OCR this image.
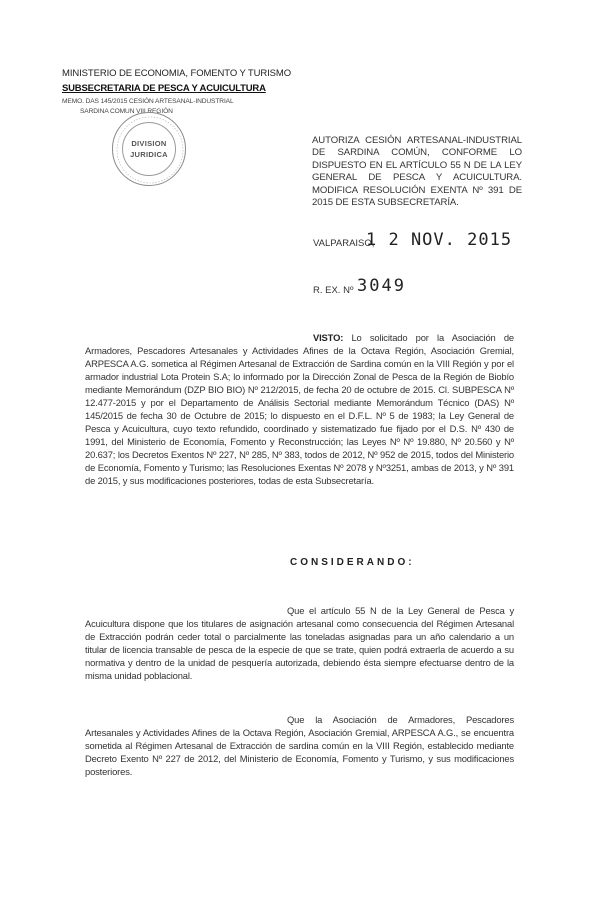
MINISTERIO DE ECONOMIA, FOMENTO Y TURISMO
SUBSECRETARIA DE PESCA Y ACUICULTURA
MEMO. DAS 145/2015 CESIÓN ARTESANAL-INDUSTRIAL
SARDINA COMUN VIII REGIÓN
DIVISION
JURIDICA
AUTORIZA CESIÓN ARTESANAL-INDUSTRIAL DE SARDINA COMÚN, CONFORME LO DISPUESTO EN EL ARTÍCULO 55 N DE LA LEY GENERAL DE PESCA Y ACUICULTURA. MODIFICA RESOLUCIÓN EXENTA Nº 391 DE 2015 DE ESTA SUBSECRETARÍA.
VALPARAISO,
1 2 NOV. 2015
R. EX. Nº 3049
VISTO: Lo solicitado por la Asociación de Armadores, Pescadores Artesanales y Actividades Afines de la Octava Región, Asociación Gremial, ARPESCA A.G. sometica al Régimen Artesanal de Extracción de Sardina común en la VIII Región y por el armador industrial Lota Protein S.A; lo informado por la Dirección Zonal de Pesca de la Región de Biobío mediante Memorándum (DZP BIO BIO) Nº 212/2015, de fecha 20 de octubre de 2015. Cl. SUBPESCA Nº 12.477-2015 y por el Departamento de Análisis Sectorial mediante Memorándum Técnico (DAS) Nº 145/2015 de fecha 30 de Octubre de 2015; lo dispuesto en el D.F.L. Nº 5 de 1983; la Ley General de Pesca y Acuicultura, cuyo texto refundido, coordinado y sistematizado fue fijado por el D.S. Nº 430 de 1991, del Ministerio de Economía, Fomento y Reconstrucción; las Leyes Nº Nº 19.880, Nº 20.560 y Nº 20.637; los Decretos Exentos Nº 227, Nº 285, Nº 383, todos de 2012, Nº 952 de 2015, todos del Ministerio de Economía, Fomento y Turismo; las Resoluciones Exentas Nº 2078 y Nº3251, ambas de 2013, y Nº 391 de 2015, y sus modificaciones posteriores, todas de esta Subsecretaría.
CONSIDERANDO:
Que el artículo 55 N de la Ley General de Pesca y Acuicultura dispone que los titulares de asignación artesanal como consecuencia del Régimen Artesanal de Extracción podrán ceder total o parcialmente las toneladas asignadas para un año calendario a un titular de licencia transable de pesca de la especie de que se trate, quien podrá extraerla de acuerdo a su normativa y dentro de la unidad de pesquería autorizada, debiendo ésta siempre efectuarse dentro de la misma unidad poblacional.
Que la Asociación de Armadores, Pescadores Artesanales y Actividades Afines de la Octava Región, Asociación Gremial, ARPESCA A.G., se encuentra sometida al Régimen Artesanal de Extracción de sardina común en la VIII Región, establecido mediante Decreto Exento Nº 227 de 2012, del Ministerio de Economía, Fomento y Turismo, y sus modificaciones posteriores.
